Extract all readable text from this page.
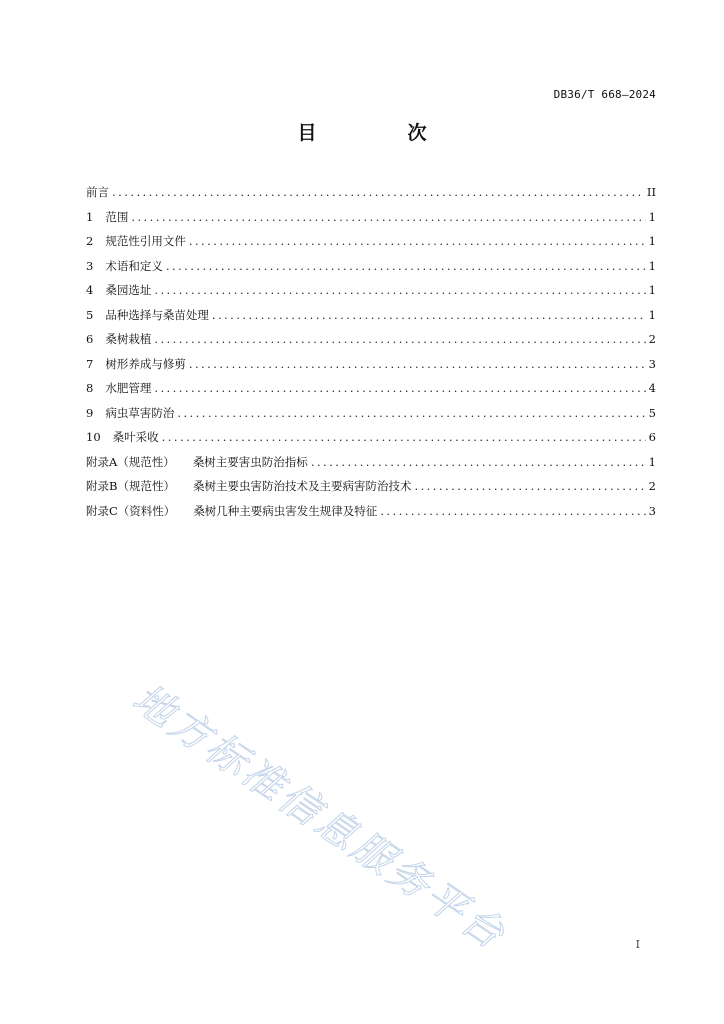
DB36/T 668—2024
目　次
前言 . . .	II
1 范围 . . .	1
2 规范性引用文件 . . .	1
3 术语和定义 . . .	1
4 桑园选址 . . .	1
5 品种选择与桑苗处理 . . .	1
6 桑树栽植 . . .	2
7 树形养成与修剪 . . .	3
8 水肥管理 . . .	4
9 病虫草害防治 . . .	5
10 桑叶采收 . . .	6
附录A（规范性） 桑树主要害虫防治指标 . . .	1
附录B（规范性） 桑树主要虫害防治技术及主要病害防治技术 . . .	2
附录C（资料性） 桑树几种主要病虫害发生规律及特征 . . .	3
地方标准信息服务平台	I
